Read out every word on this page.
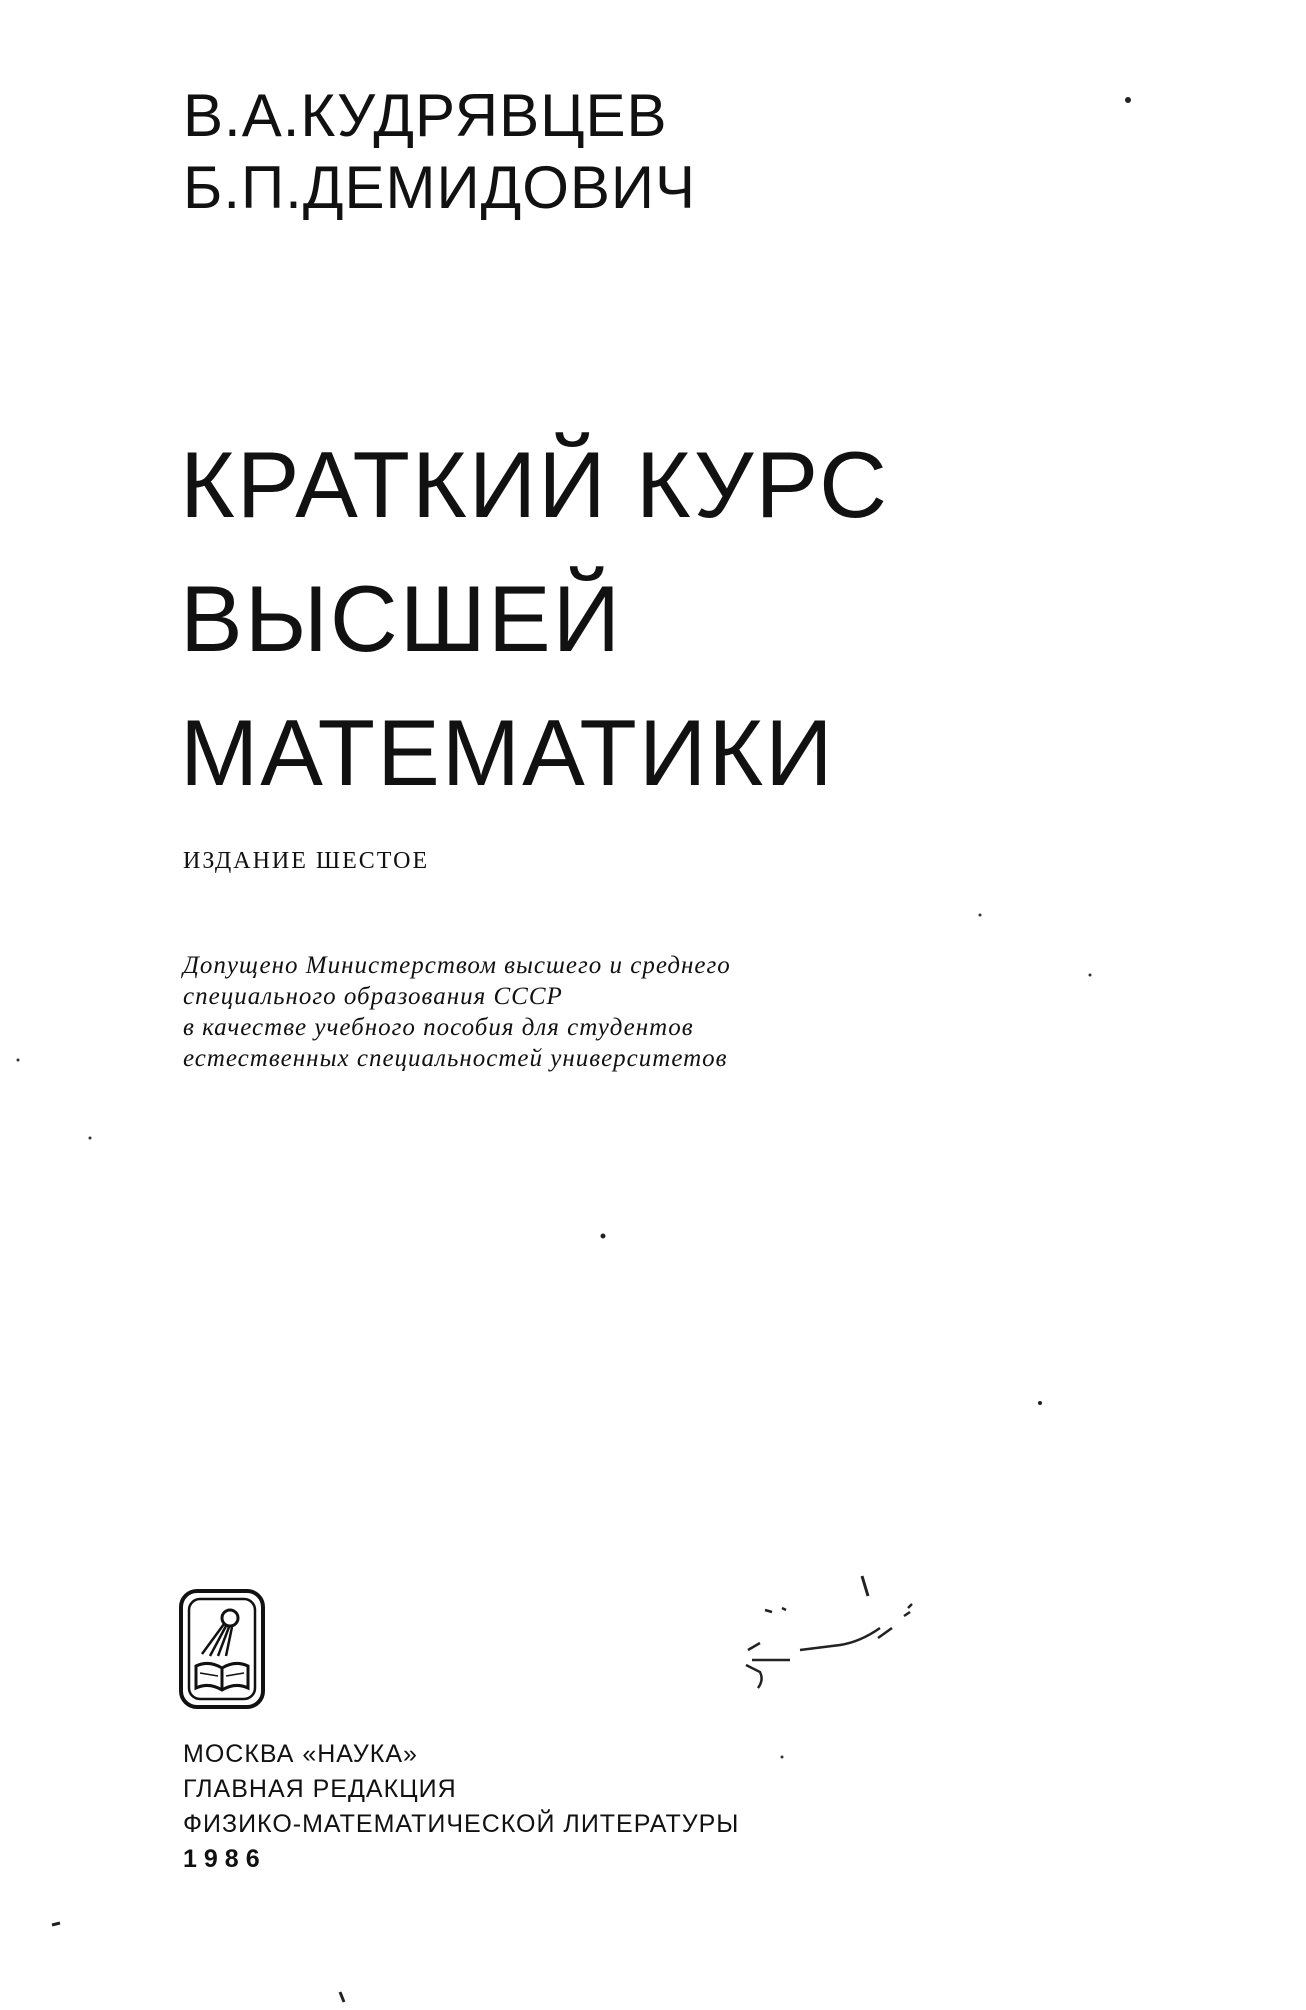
В.А.КУДРЯВЦЕВ
Б.П.ДЕМИДОВИЧ
КРАТКИЙ КУРС
ВЫСШЕЙ
МАТЕМАТИКИ
ИЗДАНИЕ ШЕСТОЕ
Допущено Министерством высшего и среднего
специального образования СССР
в качестве учебного пособия для студентов
естественных специальностей университетов
МОСКВА «НАУКА»
ГЛАВНАЯ РЕДАКЦИЯ
ФИЗИКО-МАТЕМАТИЧЕСКОЙ ЛИТЕРАТУРЫ
1986
